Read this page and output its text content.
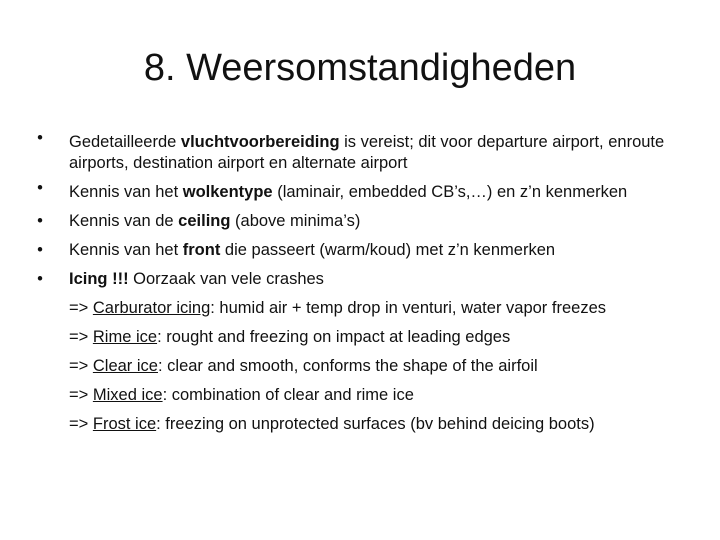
8. Weersomstandigheden
•	Gedetailleerde vluchtvoorbereiding is vereist; dit voor departure airport, enroute airports, destination airport en alternate airport
•	Kennis van het wolkentype (laminair, embedded CB’s,…) en z’n kenmerken
•	Kennis van de ceiling (above minima’s)
•	Kennis van het front die passeert (warm/koud) met z’n kenmerken
•	Icing !!! Oorzaak van vele crashes
=> Carburator icing: humid air + temp drop in venturi, water vapor freezes
=> Rime ice: rought and freezing on impact at leading edges
=> Clear ice: clear and smooth, conforms the shape of the airfoil
=> Mixed ice: combination of clear and rime ice
=> Frost ice: freezing on unprotected surfaces (bv behind deicing boots)
